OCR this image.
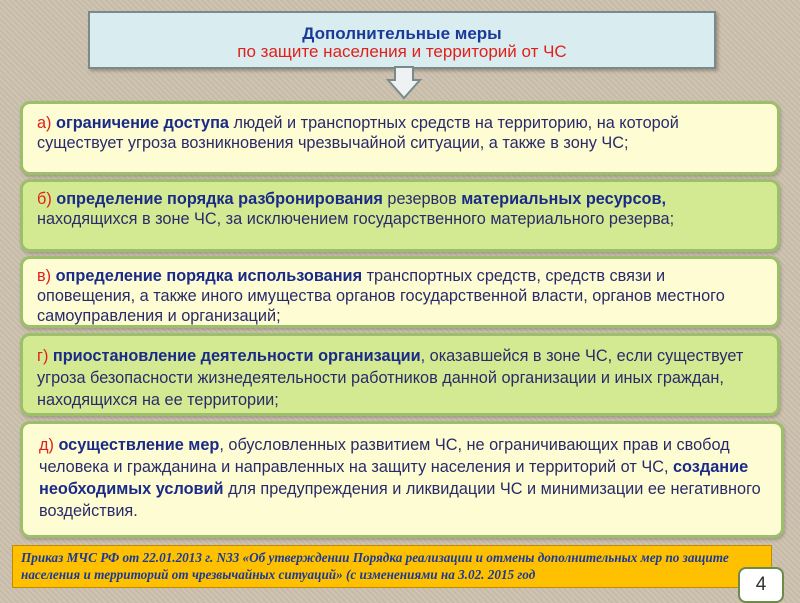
Дополнительные меры
по защите населения и территорий от ЧС
а) ограничение доступа людей и транспортных средств на территорию, на которой существует угроза возникновения чрезвычайной ситуации, а также в зону ЧС;
б) определение порядка разбронирования резервов материальных ресурсов, находящихся в зоне ЧС, за исключением государственного материального резерва;
в) определение порядка использования транспортных средств, средств связи и оповещения, а также иного имущества органов государственной власти, органов местного самоуправления и организаций;
г) приостановление деятельности организации, оказавшейся в зоне ЧС, если существует угроза безопасности жизнедеятельности работников данной организации и иных граждан, находящихся на ее территории;
д) осуществление мер, обусловленных развитием ЧС, не ограничивающих прав и свобод человека и гражданина и направленных на защиту населения и территорий от ЧС, создание необходимых условий для предупреждения и ликвидации ЧС и минимизации ее негативного воздействия.
Приказ МЧС РФ от 22.01.2013 г. N33 «Об утверждении Порядка реализации и отмены дополнительных мер по защите населения и территорий от чрезвычайных ситуаций» (с изменениями на 3.02. 2015 год	4
